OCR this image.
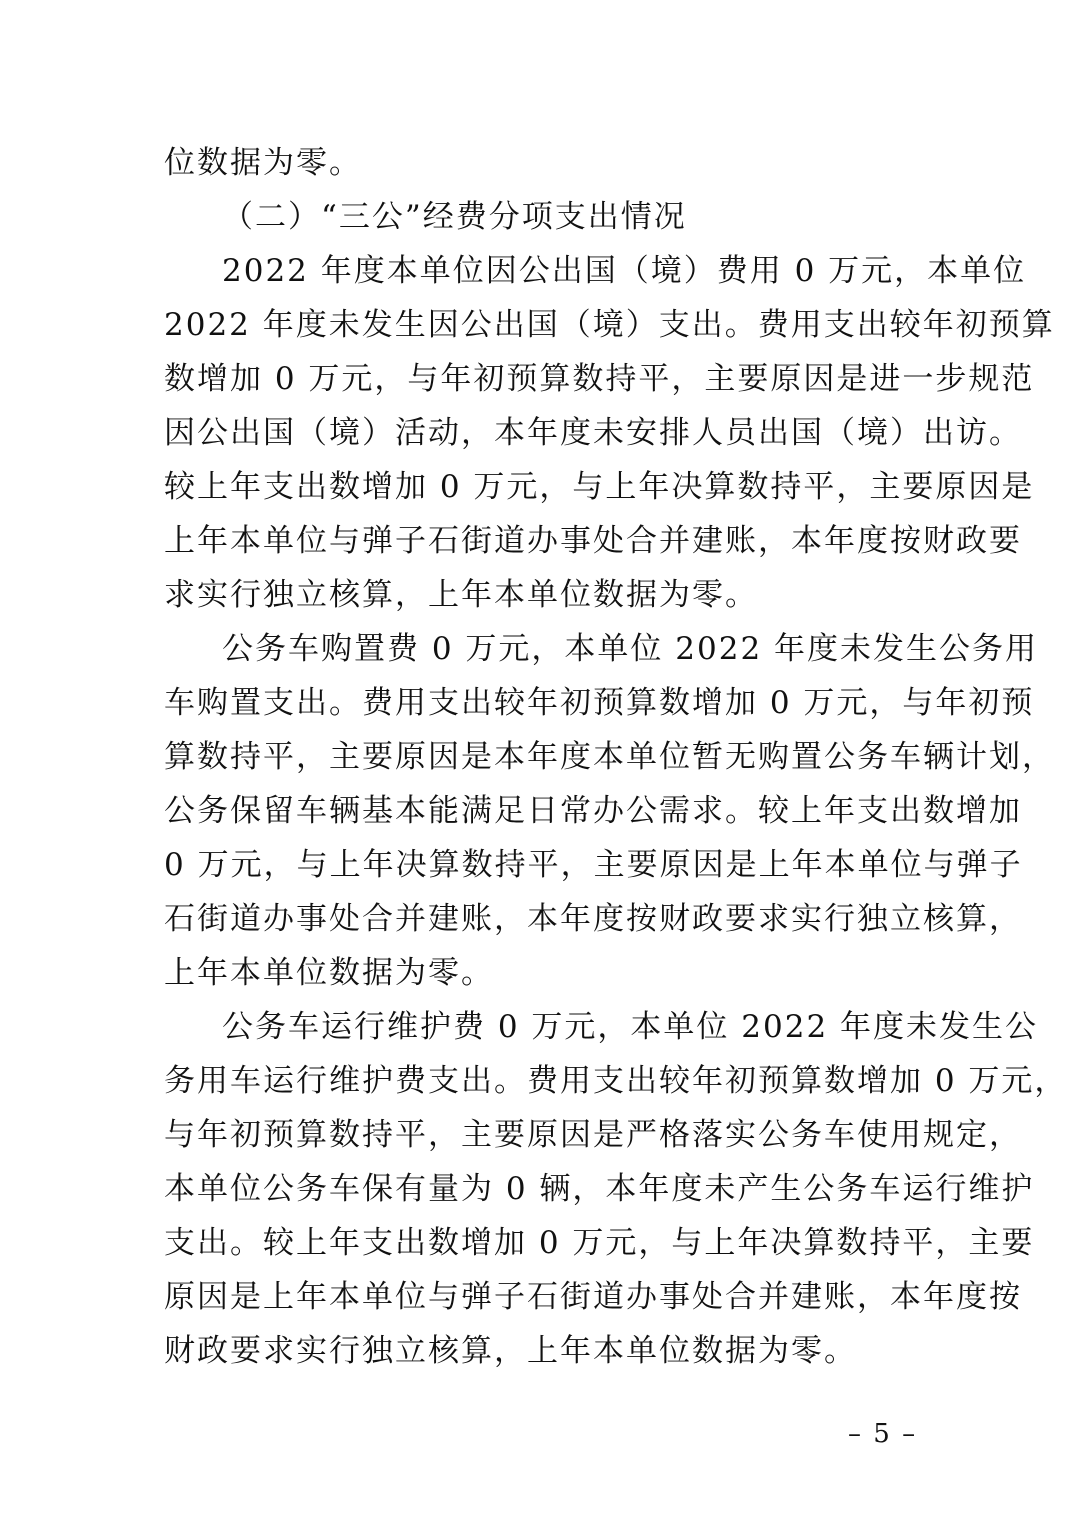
位数据为零。
（二）“三公”经费分项支出情况
2022 年度本单位因公出国（境）费用 0 万元，本单位
2022 年度未发生因公出国（境）支出。费用支出较年初预算
数增加 0 万元，与年初预算数持平，主要原因是进一步规范
因公出国（境）活动，本年度未安排人员出国（境）出访。
较上年支出数增加 0 万元，与上年决算数持平，主要原因是
上年本单位与弹子石街道办事处合并建账，本年度按财政要
求实行独立核算，上年本单位数据为零。
公务车购置费 0 万元，本单位 2022 年度未发生公务用
车购置支出。费用支出较年初预算数增加 0 万元，与年初预
算数持平，主要原因是本年度本单位暂无购置公务车辆计划，
公务保留车辆基本能满足日常办公需求。较上年支出数增加
0 万元，与上年决算数持平，主要原因是上年本单位与弹子
石街道办事处合并建账，本年度按财政要求实行独立核算，
上年本单位数据为零。
公务车运行维护费 0 万元，本单位 2022 年度未发生公
务用车运行维护费支出。费用支出较年初预算数增加 0 万元，
与年初预算数持平，主要原因是严格落实公务车使用规定，
本单位公务车保有量为 0 辆，本年度未产生公务车运行维护
支出。较上年支出数增加 0 万元，与上年决算数持平，主要
原因是上年本单位与弹子石街道办事处合并建账，本年度按
财政要求实行独立核算，上年本单位数据为零。
– 5 –
